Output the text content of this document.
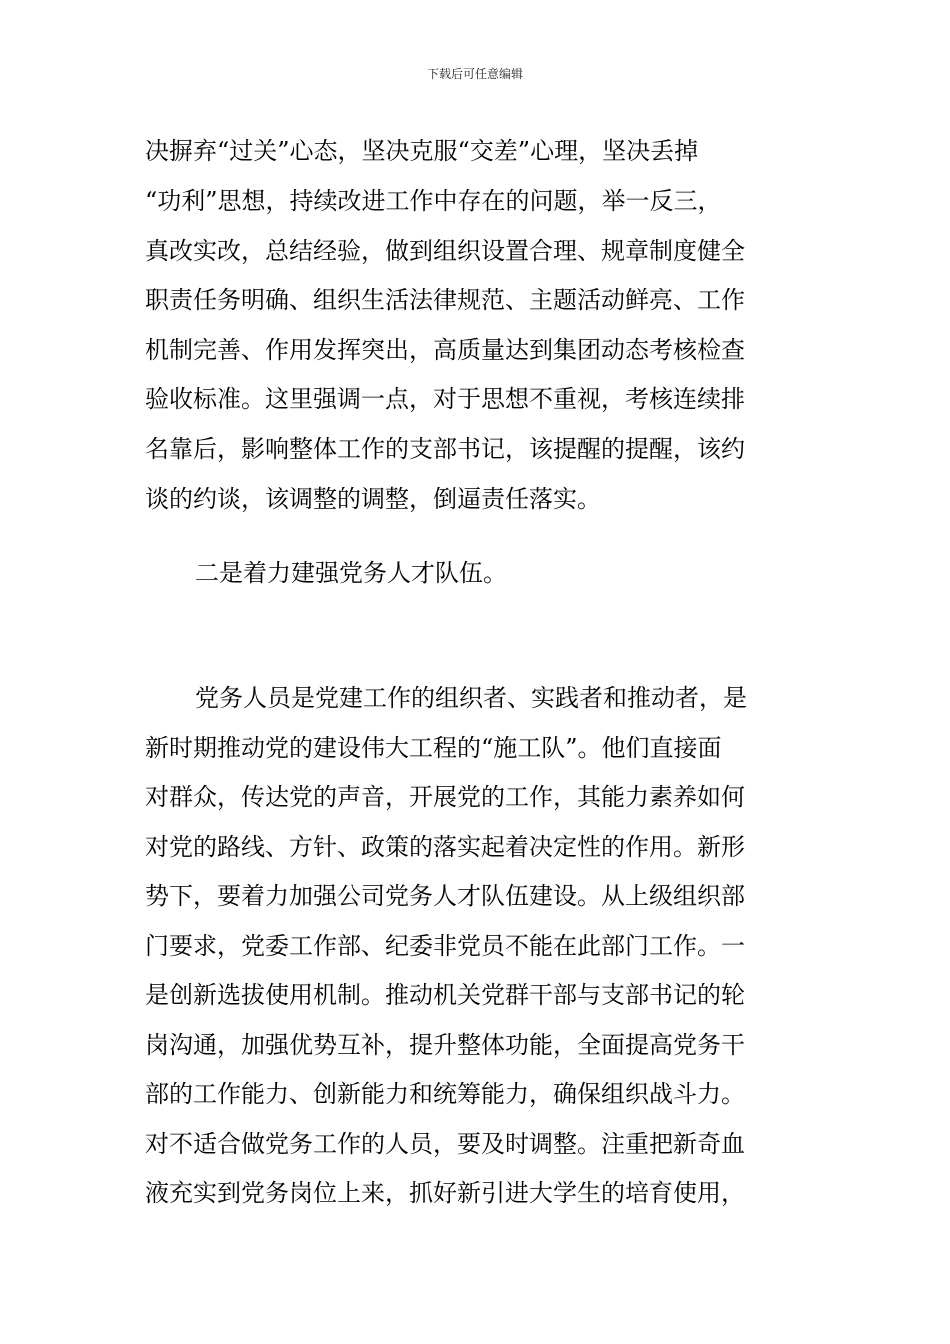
下载后可任意编辑
决摒弃“过关”心态，坚决克服“交差”心理，坚决丢掉
“功利”思想，持续改进工作中存在的问题，举一反三，
真改实改，总结经验，做到组织设置合理、规章制度健全
职责任务明确、组织生活法律规范、主题活动鲜亮、工作
机制完善、作用发挥突出，高质量达到集团动态考核检查
验收标准。这里强调一点，对于思想不重视，考核连续排
名靠后，影响整体工作的支部书记，该提醒的提醒，该约
谈的约谈，该调整的调整，倒逼责任落实。
二是着力建强党务人才队伍。
党务人员是党建工作的组织者、实践者和推动者，是
新时期推动党的建设伟大工程的“施工队”。他们直接面
对群众，传达党的声音，开展党的工作，其能力素养如何
对党的路线、方针、政策的落实起着决定性的作用。新形
势下，要着力加强公司党务人才队伍建设。从上级组织部
门要求，党委工作部、纪委非党员不能在此部门工作。一
是创新选拔使用机制。推动机关党群干部与支部书记的轮
岗沟通，加强优势互补，提升整体功能，全面提高党务干
部的工作能力、创新能力和统筹能力，确保组织战斗力。
对不适合做党务工作的人员，要及时调整。注重把新奇血
液充实到党务岗位上来，抓好新引进大学生的培育使用，
